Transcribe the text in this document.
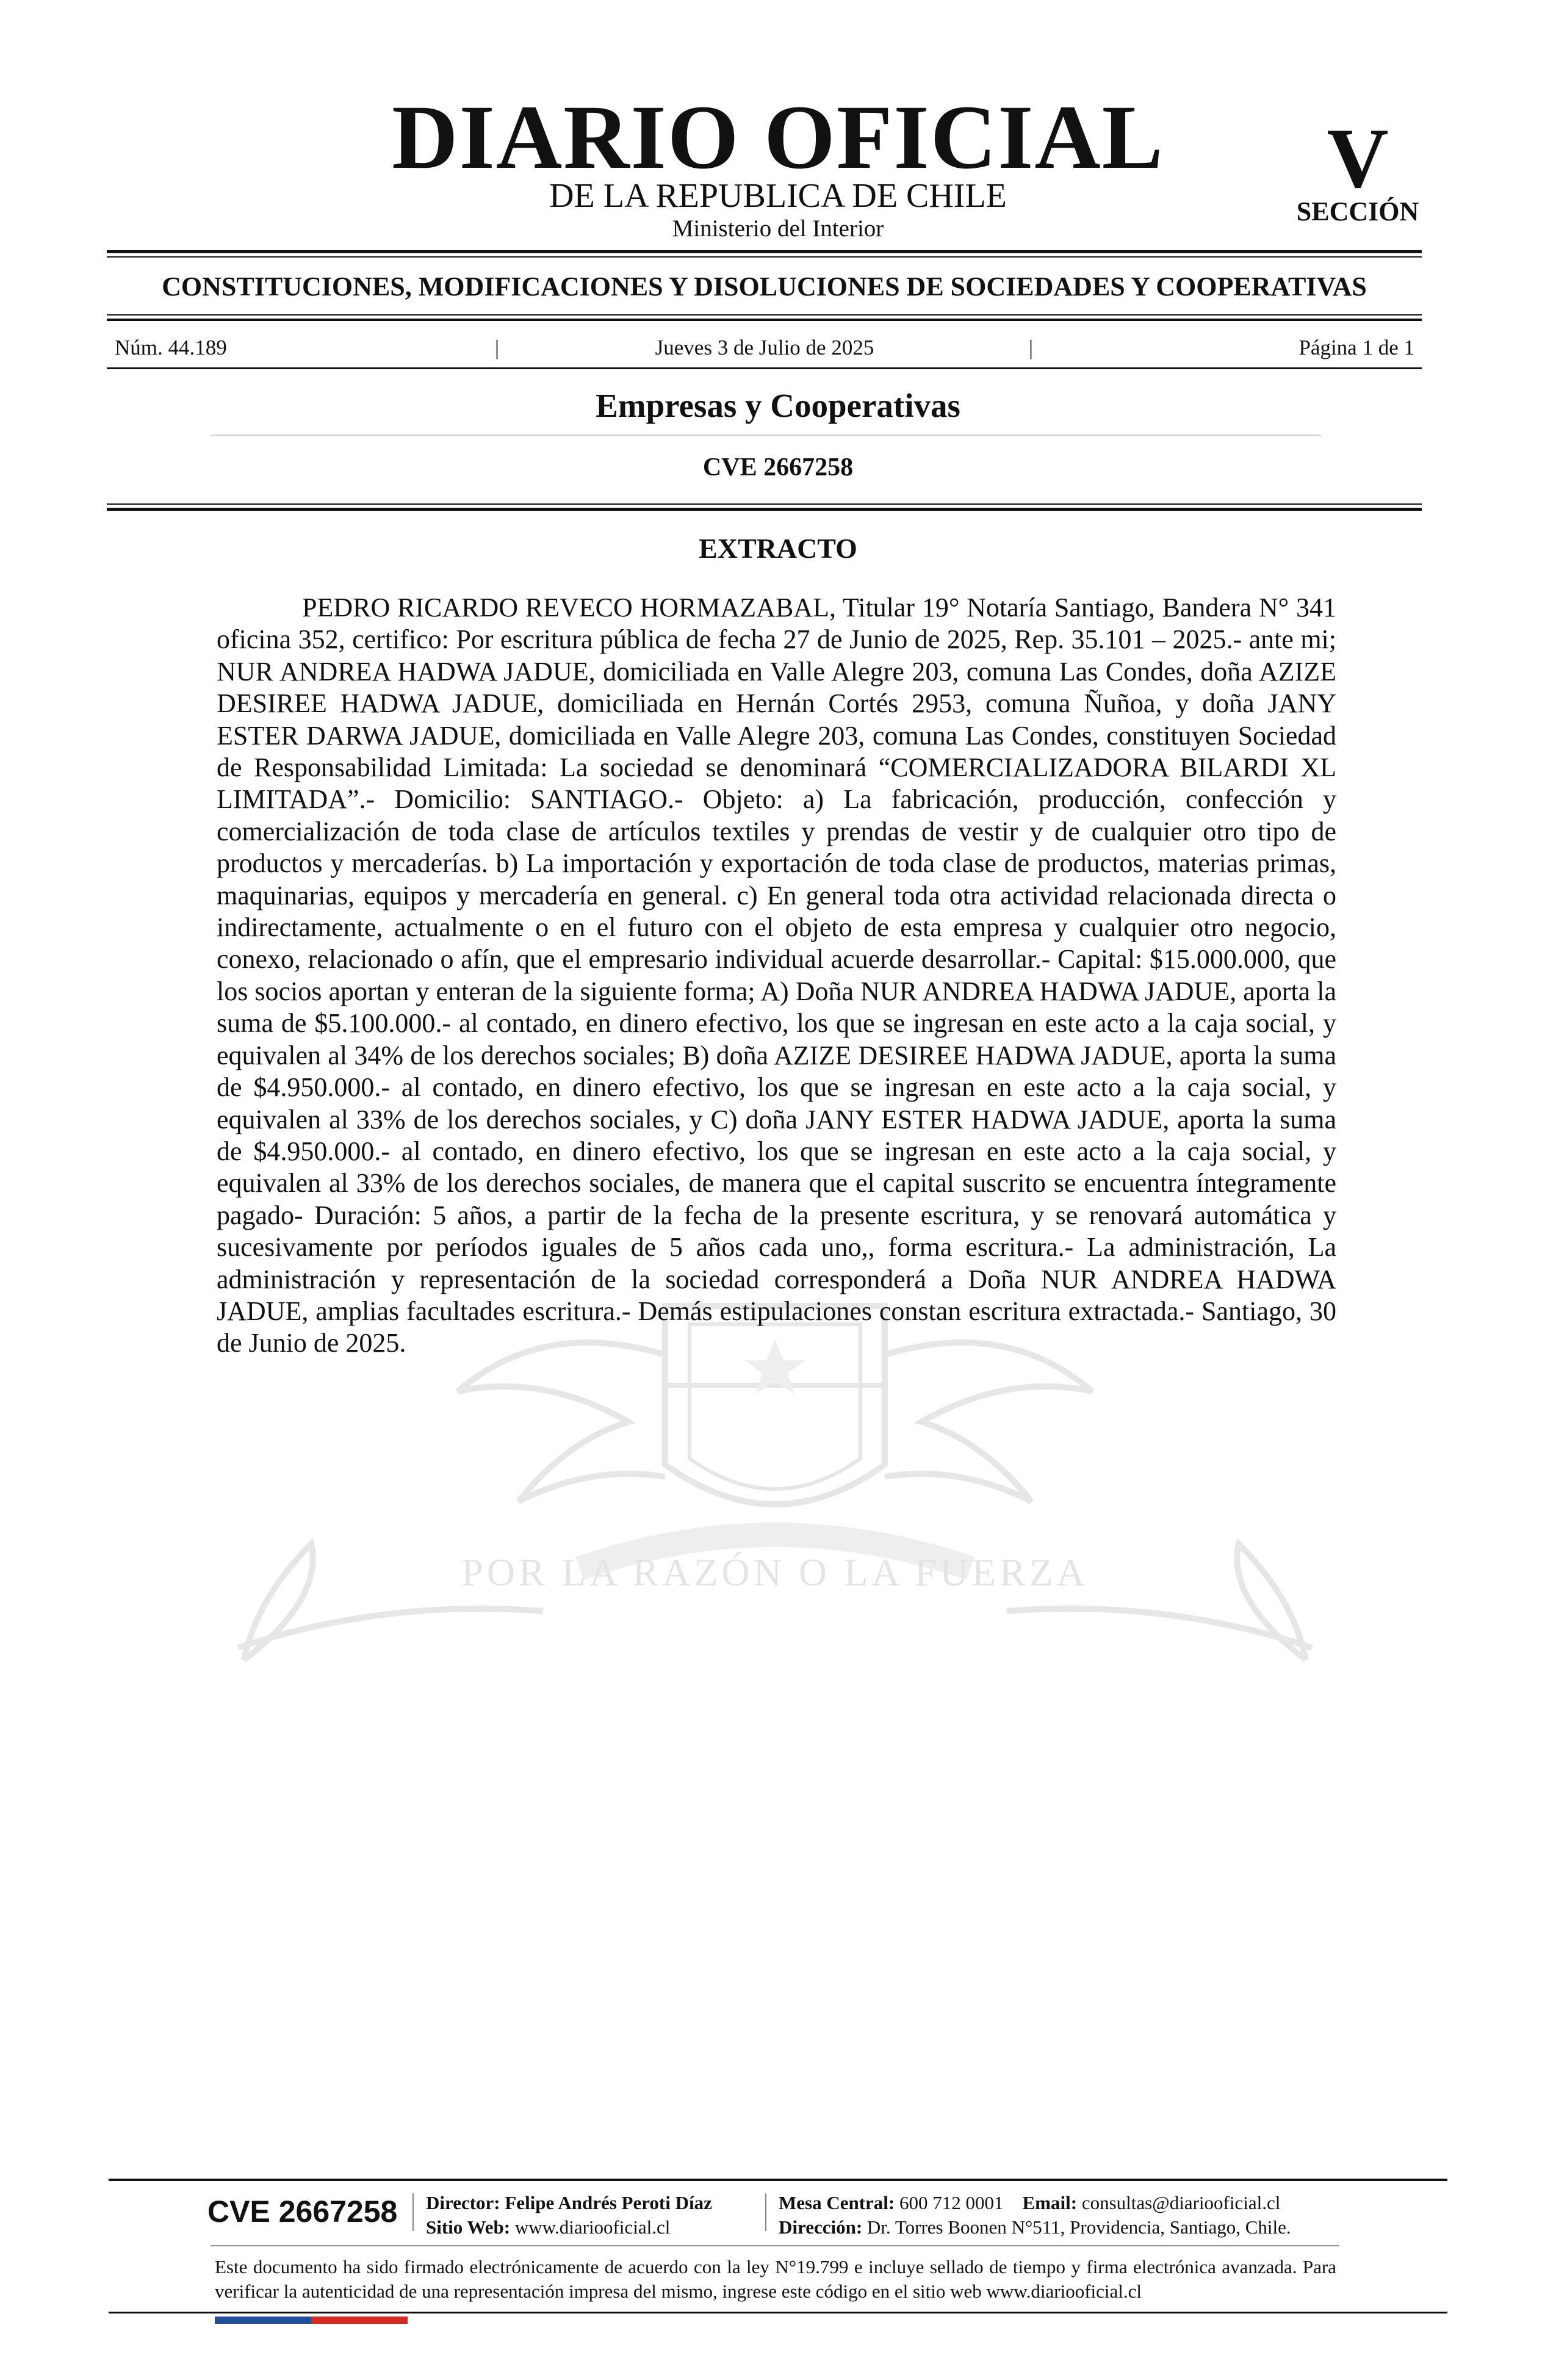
DIARIO OFICIAL
DE LA REPUBLICA DE CHILE
Ministerio del Interior
V
SECCIÓN
CONSTITUCIONES, MODIFICACIONES Y DISOLUCIONES DE SOCIEDADES Y COOPERATIVAS
Núm. 44.189	|	Jueves 3 de Julio de 2025	|	Página 1 de 1
Empresas y Cooperativas
CVE 2667258
POR LA RAZÓN O LA FUERZA
EXTRACTO

PEDRO RICARDO REVECO HORMAZABAL, Titular 19° Notaría Santiago, Bandera N° 341 oficina 352, certifico: Por escritura pública de fecha 27 de Junio de 2025, Rep. 35.101 – 2025.- ante mi; NUR ANDREA HADWA JADUE, domiciliada en Valle Alegre 203, comuna Las Condes, doña AZIZE DESIREE HADWA JADUE, domiciliada en Hernán Cortés 2953, comuna Ñuñoa, y doña JANY ESTER DARWA JADUE, domiciliada en Valle Alegre 203, comuna Las Condes, constituyen Sociedad de Responsabilidad Limitada: La sociedad se denominará “COMERCIALIZADORA BILARDI XL LIMITADA”.- Domicilio: SANTIAGO.- Objeto: a) La fabricación, producción, confección y comercialización de toda clase de artículos textiles y prendas de vestir y de cualquier otro tipo de productos y mercaderías. b) La importación y exportación de toda clase de productos, materias primas, maquinarias, equipos y mercadería en general. c) En general toda otra actividad relacionada directa o indirectamente, actualmente o en el futuro con el objeto de esta empresa y cualquier otro negocio, conexo, relacionado o afín, que el empresario individual acuerde desarrollar.- Capital: $15.000.000, que los socios aportan y enteran de la siguiente forma; A) Doña NUR ANDREA HADWA JADUE, aporta la suma de $5.100.000.- al contado, en dinero efectivo, los que se ingresan en este acto a la caja social, y equivalen al 34% de los derechos sociales; B) doña AZIZE DESIREE HADWA JADUE, aporta la suma de $4.950.000.- al contado, en dinero efectivo, los que se ingresan en este acto a la caja social, y equivalen al 33% de los derechos sociales, y C) doña JANY ESTER HADWA JADUE, aporta la suma de $4.950.000.- al contado, en dinero efectivo, los que se ingresan en este acto a la caja social, y equivalen al 33% de los derechos sociales, de manera que el capital suscrito se encuentra íntegramente pagado- Duración: 5 años, a partir de la fecha de la presente escritura, y se renovará automática y sucesivamente por períodos iguales de 5 años cada uno,, forma escritura.- La administración, La administración y representación de la sociedad corresponderá a Doña NUR ANDREA HADWA JADUE, amplias facultades escritura.- Demás estipulaciones constan escritura extractada.- Santiago, 30 de Junio de 2025.

CVE 2667258 Director: Felipe Andrés Peroti Díaz
Sitio Web: www.diariooficial.cl
Mesa Central: 600 712 0001 Email: consultas@diariooficial.cl
Dirección: Dr. Torres Boonen N°511, Providencia, Santiago, Chile.

Este documento ha sido firmado electrónicamente de acuerdo con la ley N°19.799 e incluye sellado de tiempo y firma electrónica avanzada. Para verificar la autenticidad de una representación impresa del mismo, ingrese este código en el sitio web www.diariooficial.cl
